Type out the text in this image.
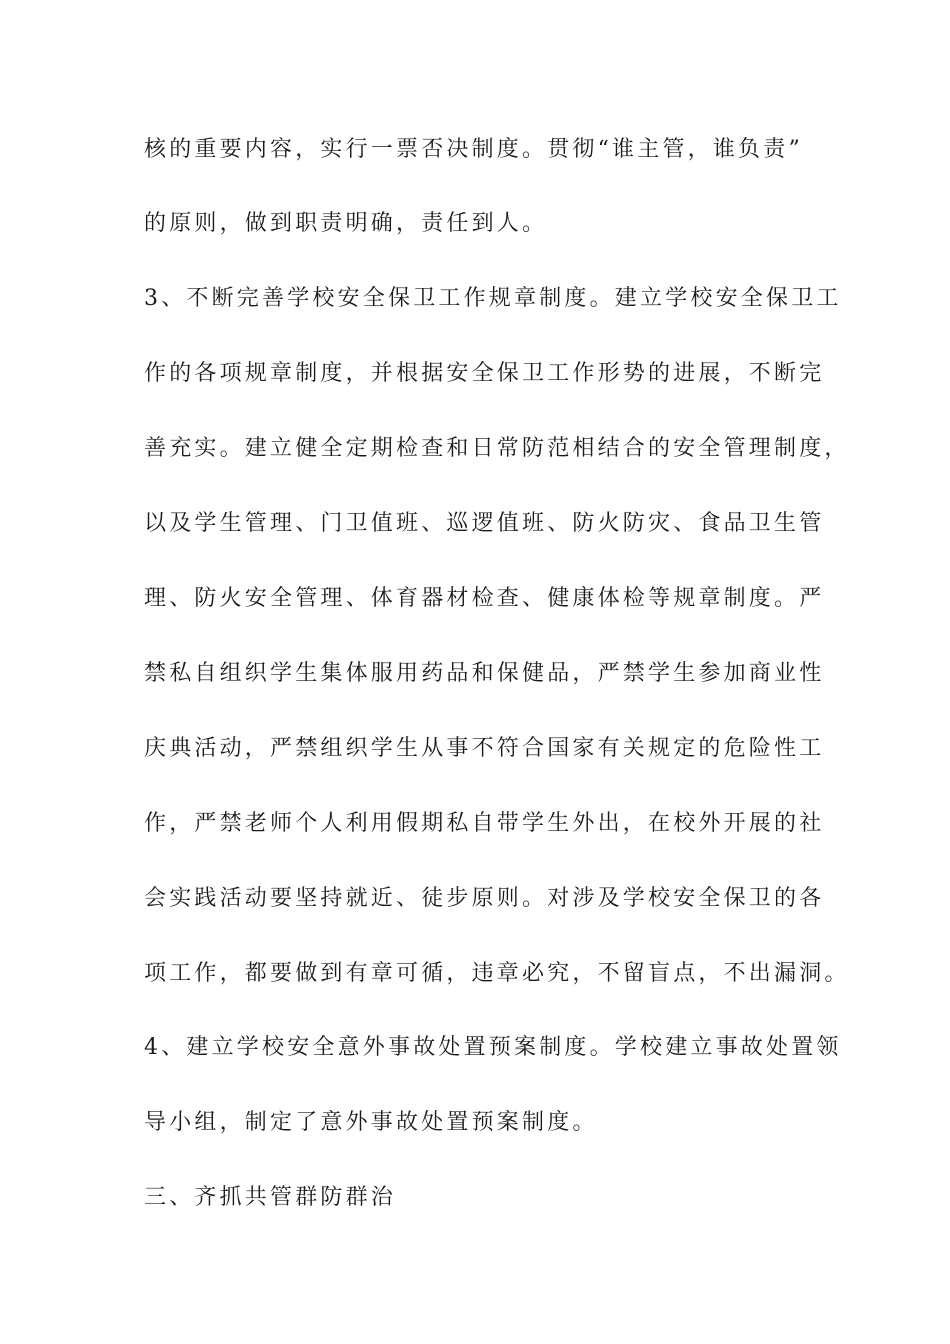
核的重要内容，实行一票否决制度。贯彻“谁主管，谁负责”
的原则，做到职责明确，责任到人。
3、不断完善学校安全保卫工作规章制度。建立学校安全保卫工
作的各项规章制度，并根据安全保卫工作形势的进展，不断完
善充实。建立健全定期检查和日常防范相结合的安全管理制度，
以及学生管理、门卫值班、巡逻值班、防火防灾、食品卫生管
理、防火安全管理、体育器材检查、健康体检等规章制度。严
禁私自组织学生集体服用药品和保健品，严禁学生参加商业性
庆典活动，严禁组织学生从事不符合国家有关规定的危险性工
作，严禁老师个人利用假期私自带学生外出，在校外开展的社
会实践活动要坚持就近、徒步原则。对涉及学校安全保卫的各
项工作，都要做到有章可循，违章必究，不留盲点，不出漏洞。
4、建立学校安全意外事故处置预案制度。学校建立事故处置领
导小组，制定了意外事故处置预案制度。
三、齐抓共管群防群治
